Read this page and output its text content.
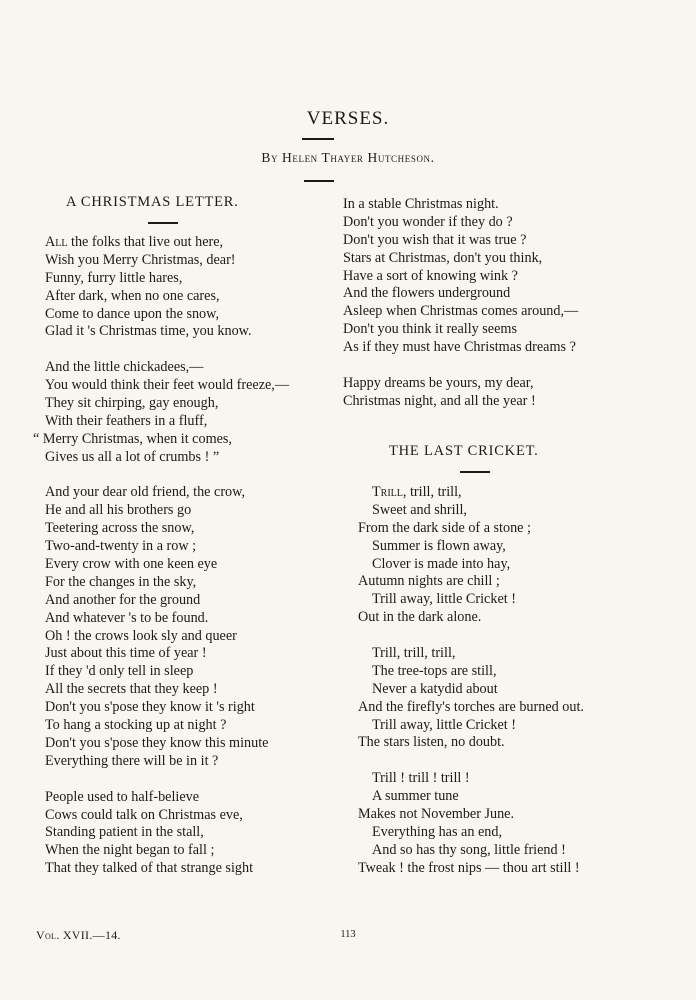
VERSES.
By Helen Thayer Hutcheson.
A CHRISTMAS LETTER.
All the folks that live out here,
Wish you Merry Christmas, dear!
Funny, furry little hares,
After dark, when no one cares,
Come to dance upon the snow,
Glad it 's Christmas time, you know.
And the little chickadees,—
You would think their feet would freeze,—
They sit chirping, gay enough,
With their feathers in a fluff,
“ Merry Christmas, when it comes,
Gives us all a lot of crumbs ! ”
And your dear old friend, the crow,
He and all his brothers go
Teetering across the snow,
Two-and-twenty in a row ;
Every crow with one keen eye
For the changes in the sky,
And another for the ground
And whatever 's to be found.
Oh ! the crows look sly and queer
Just about this time of year !
If they 'd only tell in sleep
All the secrets that they keep !
Don't you s'pose they know it 's right
To hang a stocking up at night ?
Don't you s'pose they know this minute
Everything there will be in it ?
People used to half-believe
Cows could talk on Christmas eve,
Standing patient in the stall,
When the night began to fall ;
That they talked of that strange sight
In a stable Christmas night.
Don't you wonder if they do ?
Don't you wish that it was true ?
Stars at Christmas, don't you think,
Have a sort of knowing wink ?
And the flowers underground
Asleep when Christmas comes around,—
Don't you think it really seems
As if they must have Christmas dreams ?
Happy dreams be yours, my dear,
Christmas night, and all the year !
THE LAST CRICKET.
Trill, trill, trill,
Sweet and shrill,
From the dark side of a stone ;
Summer is flown away,
Clover is made into hay,
Autumn nights are chill ;
Trill away, little Cricket !
Out in the dark alone.
Trill, trill, trill,
The tree-tops are still,
Never a katydid about
And the firefly's torches are burned out.
Trill away, little Cricket !
The stars listen, no doubt.
Trill ! trill ! trill !
A summer tune
Makes not November June.
Everything has an end,
And so has thy song, little friend !
Tweak ! the frost nips — thou art still !
Vol. XVII.—14.	113
